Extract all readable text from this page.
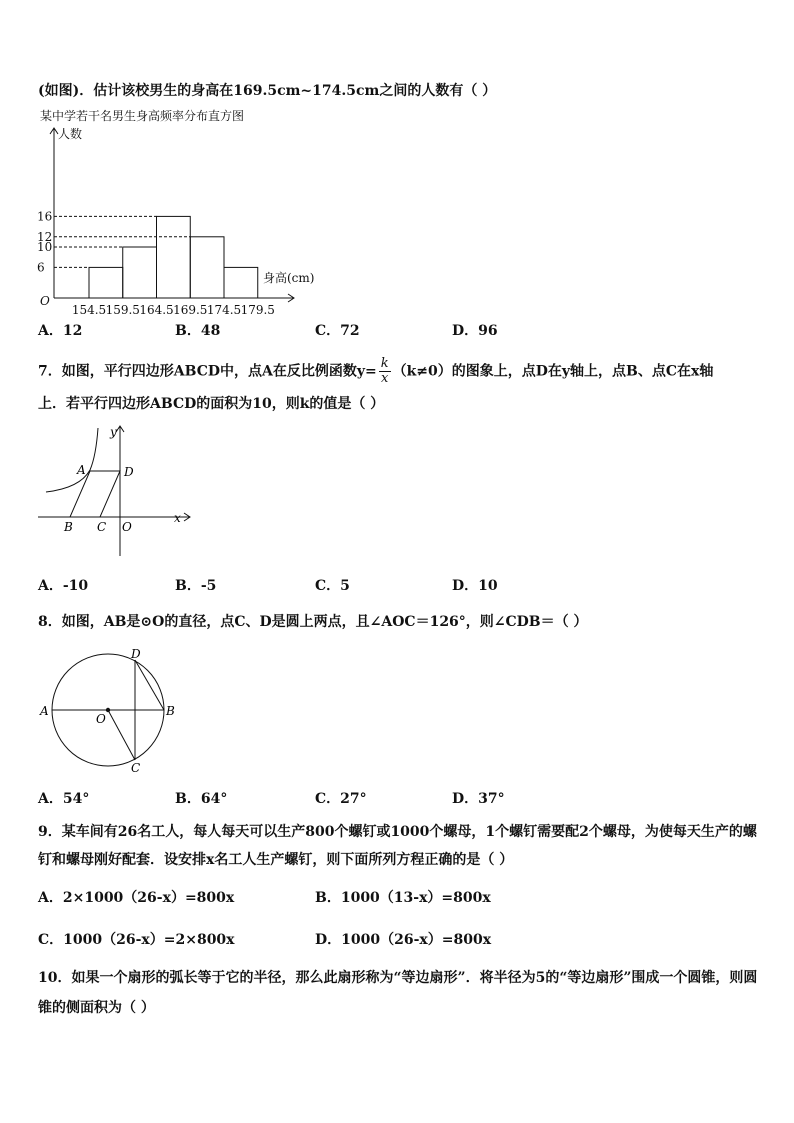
(如图)．估计该校男生的身高在169.5cm~174.5cm之间的人数有（ ）
某中学若干名男生身高频率分布直方图
人数
身高(cm)
O
6
10
12
16
154.5 159.5 164.5 169.5 174.5 179.5
A．12	B．48	C．72	D．96
7．如图，平行四边形ABCD中，点A在反比例函数$y= \frac{k}{x} (k\ne 0)$的图象上，点D在y轴上，点B、点C在x轴
上．若平行四边形ABCD的面积为10，则k的值是（ ）
x
y
A	D
B C O
A．-10	B．-5	C．5	D．10
8．如图，AB是⊙O的直径，点C、D是圆上两点，且∠AOC＝126°，则∠CDB＝（ ）
A	B
D
C
O
A．54°	B．64°	C．27°	D．37°
9．某车间有26名工人，每人每天可以生产800个螺钉或1000个螺母，1个螺钉需要配2个螺母，为使每天生产的螺
钉和螺母刚好配套．设安排x名工人生产螺钉，则下面所列方程正确的是（ ）
A．2×1000（26-x）=800x	B．1000（13-x）=800x
C．1000（26-x）=2×800x	D．1000（26-x）=800x
10．如果一个扇形的弧长等于它的半径，那么此扇形称为“等边扇形”．将半径为5的“等边扇形”围成一个圆锥，则圆
锥的侧面积为（ ）
